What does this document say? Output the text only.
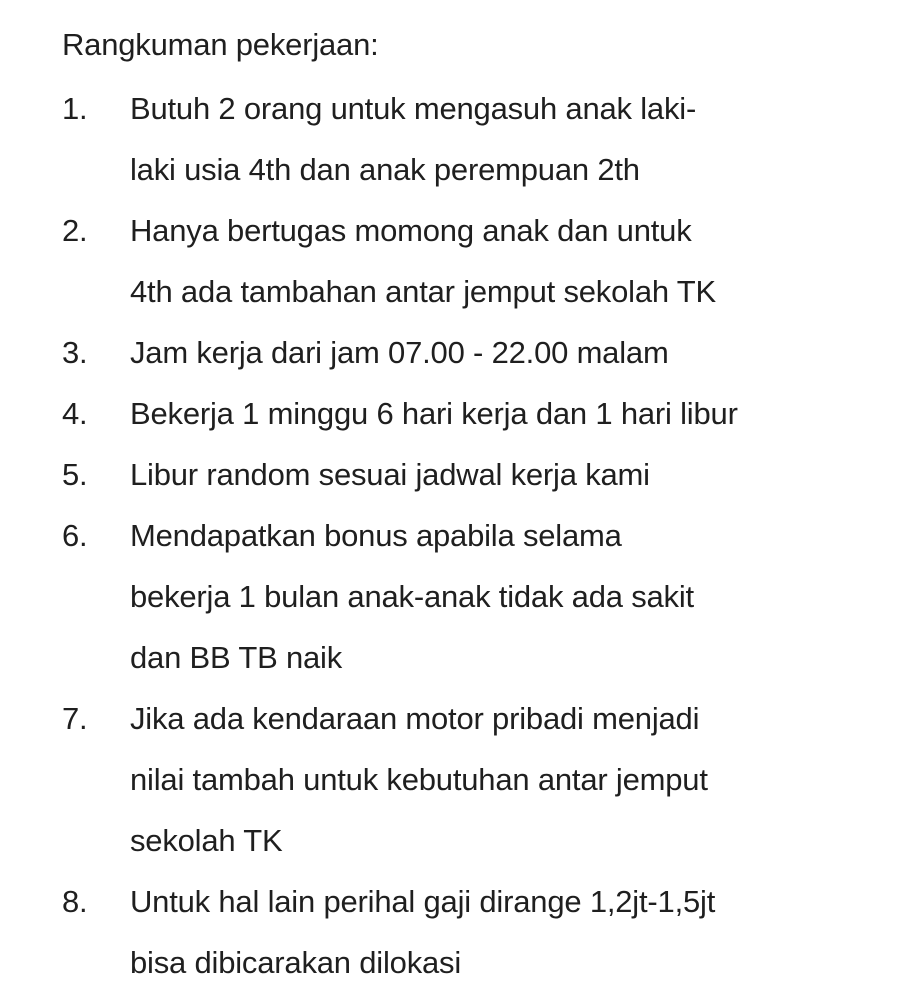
Rangkuman pekerjaan:
1. Butuh 2 orang untuk mengasuh anak laki-
laki usia 4th dan anak perempuan 2th
2. Hanya bertugas momong anak dan untuk
4th ada tambahan antar jemput sekolah TK
3. Jam kerja dari jam 07.00 - 22.00 malam
4. Bekerja 1 minggu 6 hari kerja dan 1 hari libur
5. Libur random sesuai jadwal kerja kami
6. Mendapatkan bonus apabila selama
bekerja 1 bulan anak-anak tidak ada sakit
dan BB TB naik
7. Jika ada kendaraan motor pribadi menjadi
nilai tambah untuk kebutuhan antar jemput
sekolah TK
8. Untuk hal lain perihal gaji dirange 1,2jt-1,5jt
bisa dibicarakan dilokasi
